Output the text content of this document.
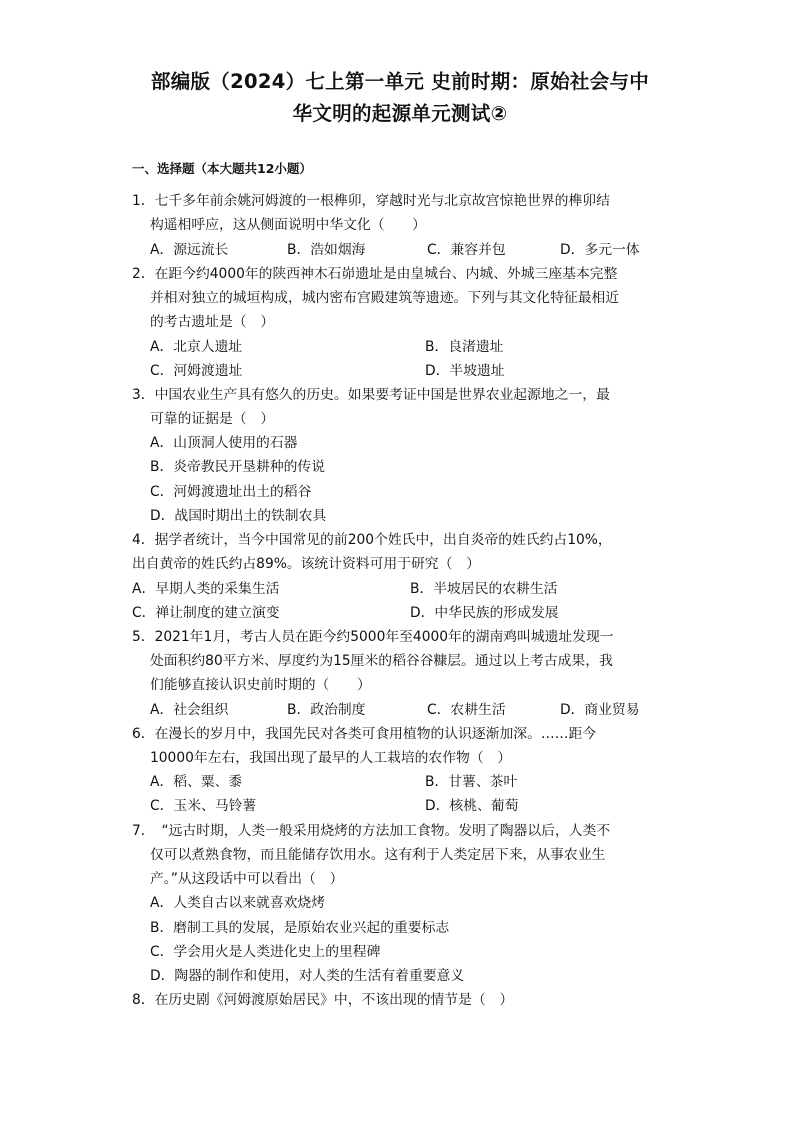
部编版（2024）七上第一单元 史前时期：原始社会与中
华文明的起源单元测试②
一、选择题（本大题共12小题）
1．七千多年前余姚河姆渡的一根榫卯，穿越时光与北京故宫惊艳世界的榫卯结
构遥相呼应，这从侧面说明中华文化（　　）
A．源远流长	B．浩如烟海	C．兼容并包	D．多元一体
2．在距今约4000年的陕西神木石峁遗址是由皇城台、内城、外城三座基本完整
并相对独立的城垣构成，城内密布宫殿建筑等遗迹。下列与其文化特征最相近
的考古遗址是（　）
A．北京人遗址	B．良渚遗址
C．河姆渡遗址	D．半坡遗址
3．中国农业生产具有悠久的历史。如果要考证中国是世界农业起源地之一，最
可靠的证据是（　）
A．山顶洞人使用的石器
B．炎帝教民开垦耕种的传说
C．河姆渡遗址出土的稻谷
D．战国时期出土的铁制农具
4．据学者统计，当今中国常见的前200个姓氏中，出自炎帝的姓氏约占10%，
出自黄帝的姓氏约占89%。该统计资料可用于研究（　）
A．早期人类的采集生活	B．半坡居民的农耕生活
C．禅让制度的建立演变	D．中华民族的形成发展
5．2021年1月，考古人员在距今约5000年至4000年的湖南鸡叫城遗址发现一
处面积约80平方米、厚度约为15厘米的稻谷谷糠层。通过以上考古成果，我
们能够直接认识史前时期的（　　）
A．社会组织	B．政治制度	C．农耕生活	D．商业贸易
6．在漫长的岁月中，我国先民对各类可食用植物的认识逐渐加深。……距今
10000年左右，我国出现了最早的人工栽培的农作物（　）
A．稻、粟、黍	B．甘薯、茶叶
C．玉米、马铃薯	D．核桃、葡萄
7．　“远古时期，人类一般采用烧烤的方法加工食物。发明了陶器以后，人类不
仅可以煮熟食物，而且能储存饮用水。这有利于人类定居下来，从事农业生
产。”从这段话中可以看出（　）
A．人类自古以来就喜欢烧烤
B．磨制工具的发展，是原始农业兴起的重要标志
C．学会用火是人类进化史上的里程碑
D．陶器的制作和使用，对人类的生活有着重要意义
8．在历史剧《河姆渡原始居民》中，不该出现的情节是（　）
